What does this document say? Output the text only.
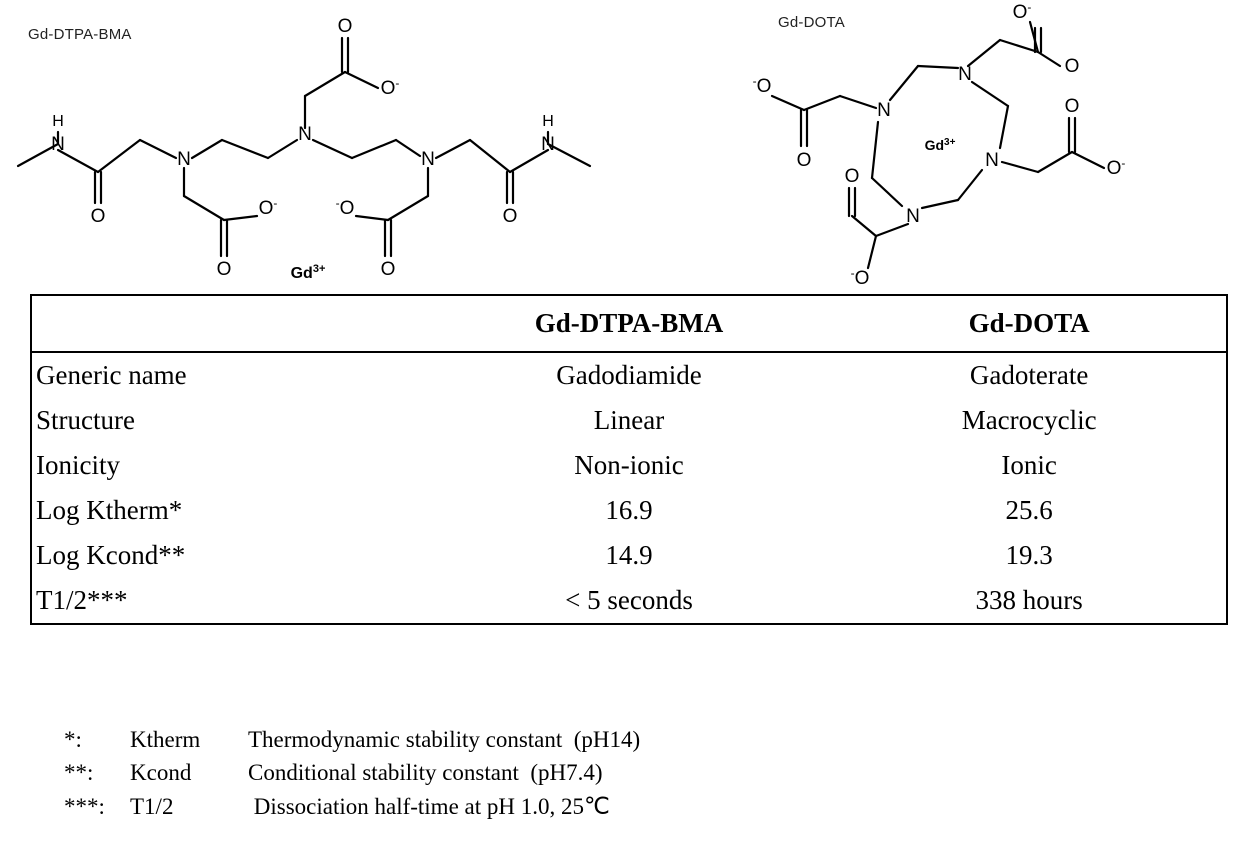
Gd-DTPA-BMA
Gd-DOTA
N
H
O
N
O-
O
N
O
O-
N
-O
O
O
N
H
$Gd^{3+}$
N
N
N
N
O-
O
-O
O
O
O-
O
-O
$Gd^{3+}$
	Gd-DTPA-BMA	Gd-DOTA
Generic name	Gadodiamide	Gadoterate
Structure	Linear	Macrocyclic
Ionicity	Non-ionic	Ionic
Log Ktherm*	16.9	25.6
Log Kcond**	14.9	19.3
T1/2***	< 5 seconds	338 hours
*:	Ktherm	Thermodynamic stability constant  (pH14)
**:	Kcond	Conditional stability constant  (pH7.4)
***:	T1/2	Dissociation half-time at pH 1.0, 25℃
